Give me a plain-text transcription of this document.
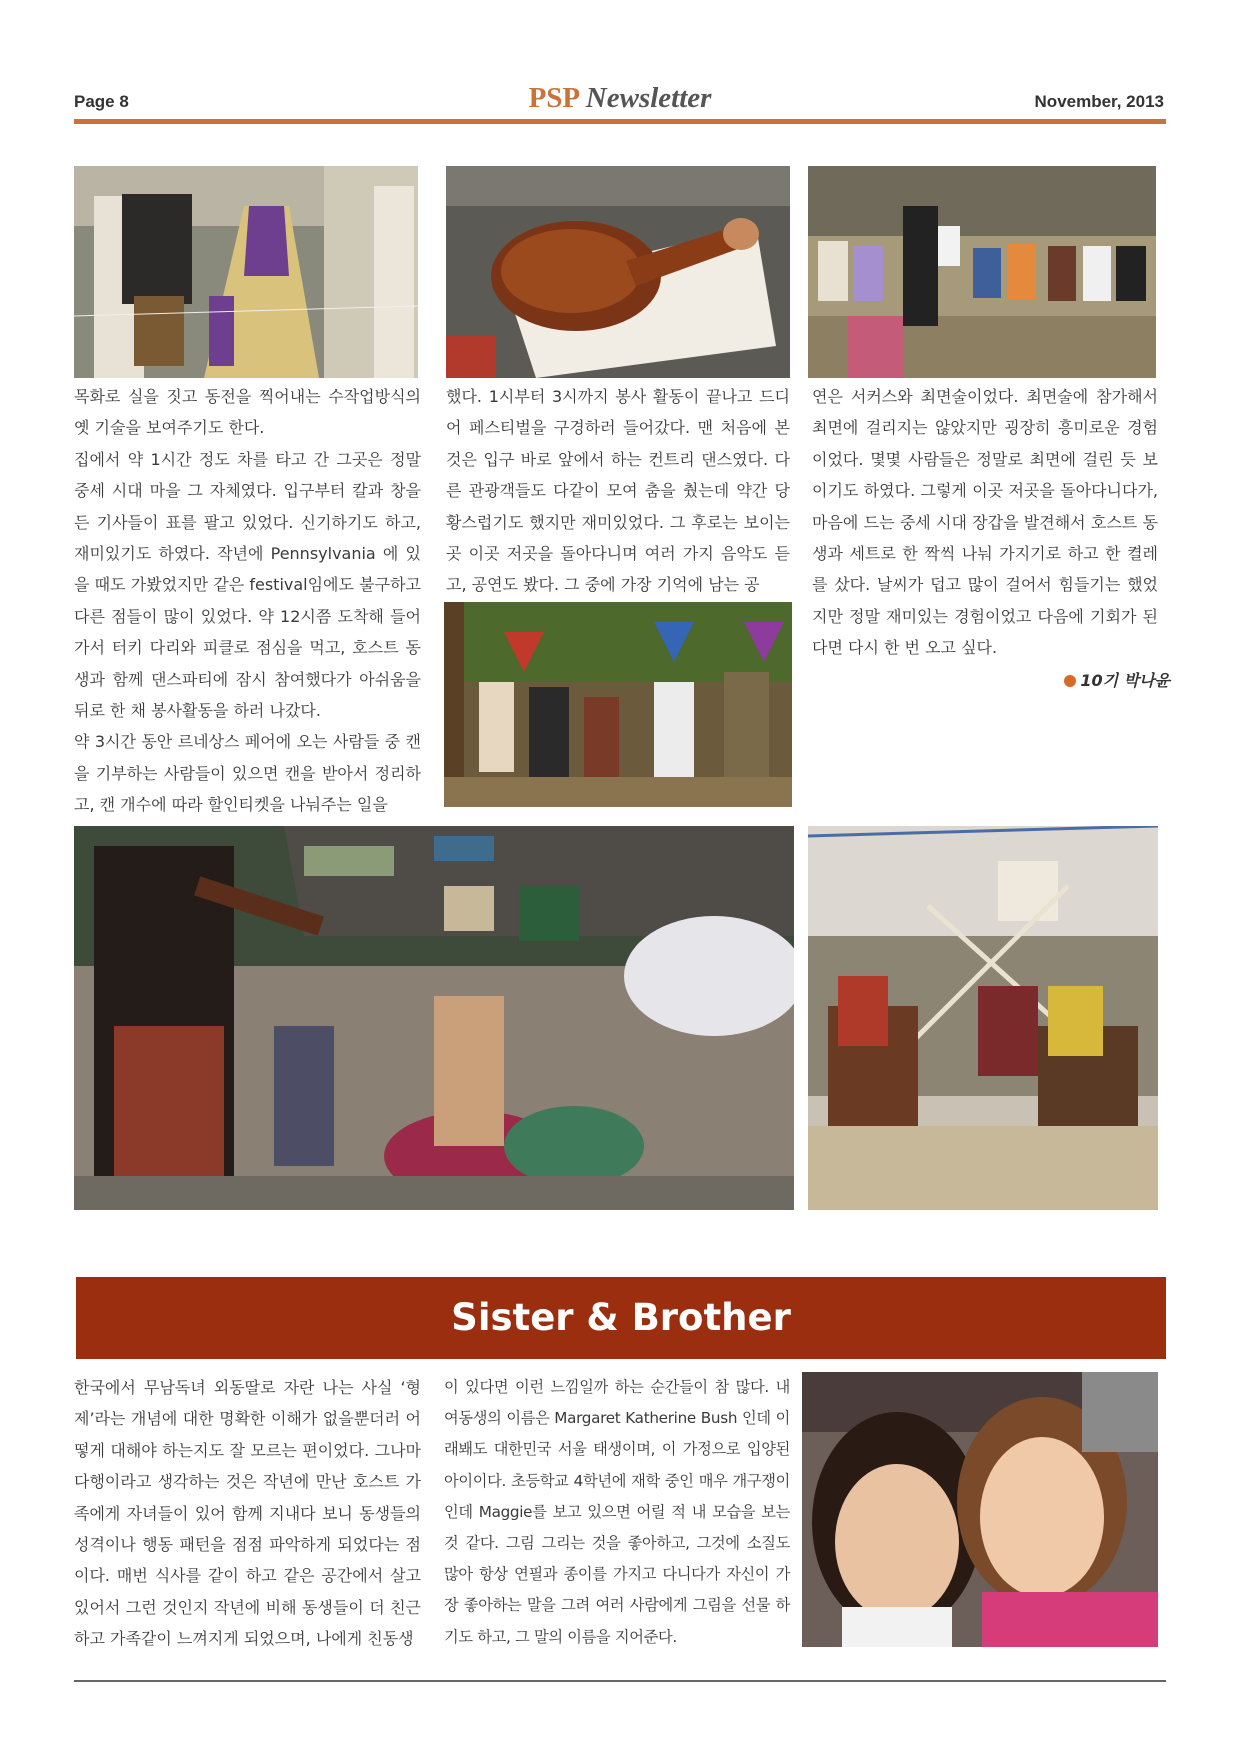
Page 8	PSP Newsletter	November, 2013

목화로 실을 짓고 동전을 찍어내는 수작업방식의 옛 기술을 보여주기도 한다.

집에서 약 1시간 정도 차를 타고 간 그곳은 정말 중세 시대 마을 그 자체였다. 입구부터 칼과 창을 든 기사들이 표를 팔고 있었다. 신기하기도 하고, 재미있기도 하였다. 작년에 Pennsylvania 에 있을 때도 가봤었지만 같은 festival임에도 불구하고 다른 점들이 많이 있었다. 약 12시쯤 도착해 들어가서 터키 다리와 피클로 점심을 먹고, 호스트 동생과 함께 댄스파티에 잠시 참여했다가 아쉬움을 뒤로 한 채 봉사활동을 하러 나갔다.

약 3시간 동안 르네상스 페어에 오는 사람들 중 캔을 기부하는 사람들이 있으면 캔을 받아서 정리하고, 캔 개수에 따라 할인티켓을 나눠주는 일을

했다. 1시부터 3시까지 봉사 활동이 끝나고 드디어 페스티벌을 구경하러 들어갔다. 맨 처음에 본 것은 입구 바로 앞에서 하는 컨트리 댄스였다. 다른 관광객들도 다같이 모여 춤을 췄는데 약간 당황스럽기도 했지만 재미있었다. 그 후로는 보이는 곳 이곳 저곳을 돌아다니며 여러 가지 음악도 듣고, 공연도 봤다. 그 중에 가장 기억에 남는 공

연은 서커스와 최면술이었다. 최면술에 참가해서 최면에 걸리지는 않았지만 굉장히 흥미로운 경험이었다. 몇몇 사람들은 정말로 최면에 걸린 듯 보이기도 하였다. 그렇게 이곳 저곳을 돌아다니다가, 마음에 드는 중세 시대 장갑을 발견해서 호스트 동생과 세트로 한 짝씩 나눠 가지기로 하고 한 켤레를 샀다. 날씨가 덥고 많이 걸어서 힘들기는 했었지만 정말 재미있는 경험이었고 다음에 기회가 된다면 다시 한 번 오고 싶다.

10기 박나윤
Sister & Brother

한국에서 무남독녀 외동딸로 자란 나는 사실 ‘형제’라는 개념에 대한 명확한 이해가 없을뿐더러 어떻게 대해야 하는지도 잘 모르는 편이었다. 그나마 다행이라고 생각하는 것은 작년에 만난 호스트 가족에게 자녀들이 있어 함께 지내다 보니 동생들의 성격이나 행동 패턴을 점점 파악하게 되었다는 점이다. 매번 식사를 같이 하고 같은 공간에서 살고 있어서 그런 것인지 작년에 비해 동생들이 더 친근하고 가족같이 느껴지게 되었으며, 나에게 친동생

이 있다면 이런 느낌일까 하는 순간들이 참 많다. 내 여동생의 이름은 Margaret Katherine Bush 인데 이래봬도 대한민국 서울 태생이며, 이 가정으로 입양된 아이이다. 초등학교 4학년에 재학 중인 매우 개구쟁이인데 Maggie를 보고 있으면 어릴 적 내 모습을 보는 것 같다. 그림 그리는 것을 좋아하고, 그것에 소질도 많아 항상 연필과 종이를 가지고 다니다가 자신이 가장 좋아하는 말을 그려 여러 사람에게 그림을 선물 하기도 하고, 그 말의 이름을 지어준다.
